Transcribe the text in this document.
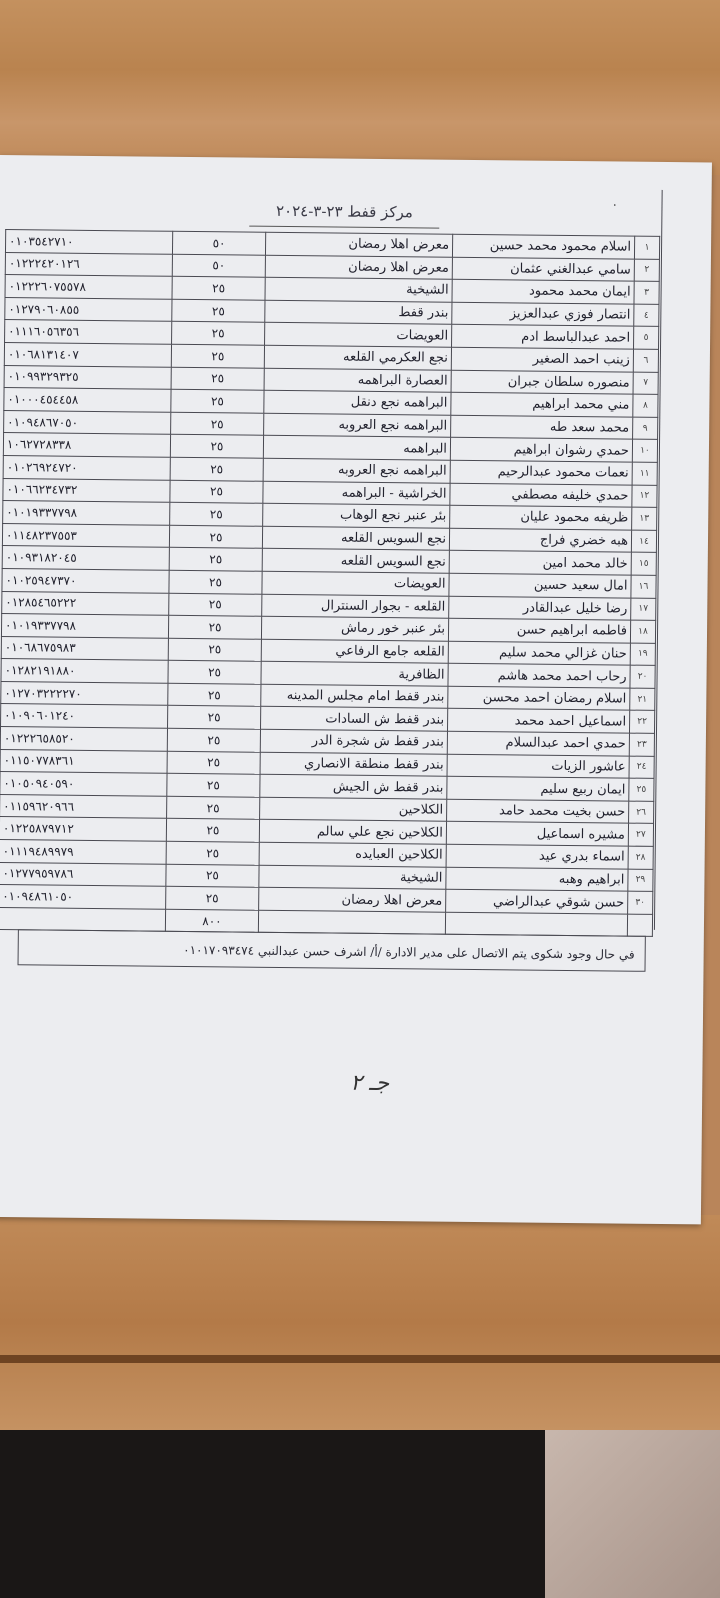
٠
مركز قفط ٢٣-٣-٢٠٢٤
١	اسلام محمود محمد حسين	معرض اهلا رمضان	٥٠	٠١٠٣٥٤٢٧١٠
٢	سامي عبدالغني عثمان	معرض اهلا رمضان	٥٠	٠١٢٢٢٤٢٠١٢٦
٣	ايمان محمد محمود	الشيخية	٢٥	٠١٢٢٢٦٠٧٥٥٧٨
٤	انتصار فوزي عبدالعزيز	بندر قفط	٢٥	٠١٢٧٩٠٦٠٨٥٥
٥	احمد عبدالباسط ادم	العويضات	٢٥	٠١١١٦٠٥٦٣٥٦
٦	زينب احمد الصغير	نجع العكرمي القلعه	٢٥	٠١٠٦٨١٣١٤٠٧
٧	منصوره سلطان جبران	العصارة البراهمه	٢٥	٠١٠٩٩٣٢٩٣٢٥
٨	مني محمد ابراهيم	البراهمه نجع دنقل	٢٥	٠١٠٠٠٤٥٤٤٥٨
٩	محمد سعد طه	البراهمه نجع العروبه	٢٥	٠١٠٩٤٨٦٧٠٥٠
١٠	حمدي رشوان ابراهيم	البراهمه	٢٥	١٠٦٢٧٢٨٣٣٨
١١	نعمات محمود عبدالرحيم	البراهمه نجع العروبه	٢٥	٠١٠٢٦٩٢٤٧٢٠
١٢	حمدي خليفه مصطفي	الخراشية - البراهمه	٢٥	٠١٠٦٦٢٣٤٧٣٢
١٣	ظريفه محمود عليان	بئر عنبر نجع الوهاب	٢٥	٠١٠١٩٣٣٧٧٩٨
١٤	هبه خضري فراج	نجع السويس القلعه	٢٥	٠١١٤٨٢٣٧٥٥٣
١٥	خالد محمد امين	نجع السويس القلعه	٢٥	٠١٠٩٣١٨٢٠٤٥
١٦	امال سعيد حسين	العويضات	٢٥	٠١٠٢٥٩٤٧٣٧٠
١٧	رضا خليل عبدالقادر	القلعه - بجوار السنترال	٢٥	٠١٢٨٥٤٦٥٢٢٢
١٨	فاطمه ابراهيم حسن	بئر عنبر خور رماش	٢٥	٠١٠١٩٣٣٧٧٩٨
١٩	حنان غزالي محمد سليم	القلعه جامع الرفاعي	٢٥	٠١٠٦٨٦٧٥٩٨٣
٢٠	رحاب احمد محمد هاشم	الظافرية	٢٥	٠١٢٨٢١٩١٨٨٠
٢١	اسلام رمضان احمد محسن	بندر قفط امام مجلس المدينه	٢٥	٠١٢٧٠٣٢٢٢٢٧٠
٢٢	اسماعيل احمد محمد	بندر قفط ش السادات	٢٥	٠١٠٩٠٦٠١٢٤٠
٢٣	حمدي احمد عبدالسلام	بندر قفط ش شجرة الدر	٢٥	٠١٢٢٢٦٥٨٥٢٠
٢٤	عاشور الزيات	بندر قفط منطقة الانصاري	٢٥	٠١١٥٠٧٧٨٣٦١
٢٥	ايمان ربيع سليم	بندر قفط ش الجيش	٢٥	٠١٠٥٠٩٤٠٥٩٠
٢٦	حسن بخيت محمد حامد	الكلاحين	٢٥	٠١١٥٩٦٢٠٩٦٦
٢٧	مشيره اسماعيل	الكلاحين نجع علي سالم	٢٥	٠١٢٢٥٨٧٩٧١٢
٢٨	اسماء بدري عيد	الكلاحين العبايده	٢٥	٠١١١٩٤٨٩٩٧٩
٢٩	ابراهيم وهبه	الشيخية	٢٥	٠١٢٧٧٩٥٩٧٨٦
٣٠	حسن شوقي عبدالراضي	معرض اهلا رمضان	٢٥	٠١٠٩٤٨٦١٠٥٠
			٨٠٠	
في حال وجود شكوى يتم الاتصال على مدير الادارة /أ/ اشرف حسن عبدالنبي ٠١٠١٧٠٩٣٤٧٤
جـ ٢
